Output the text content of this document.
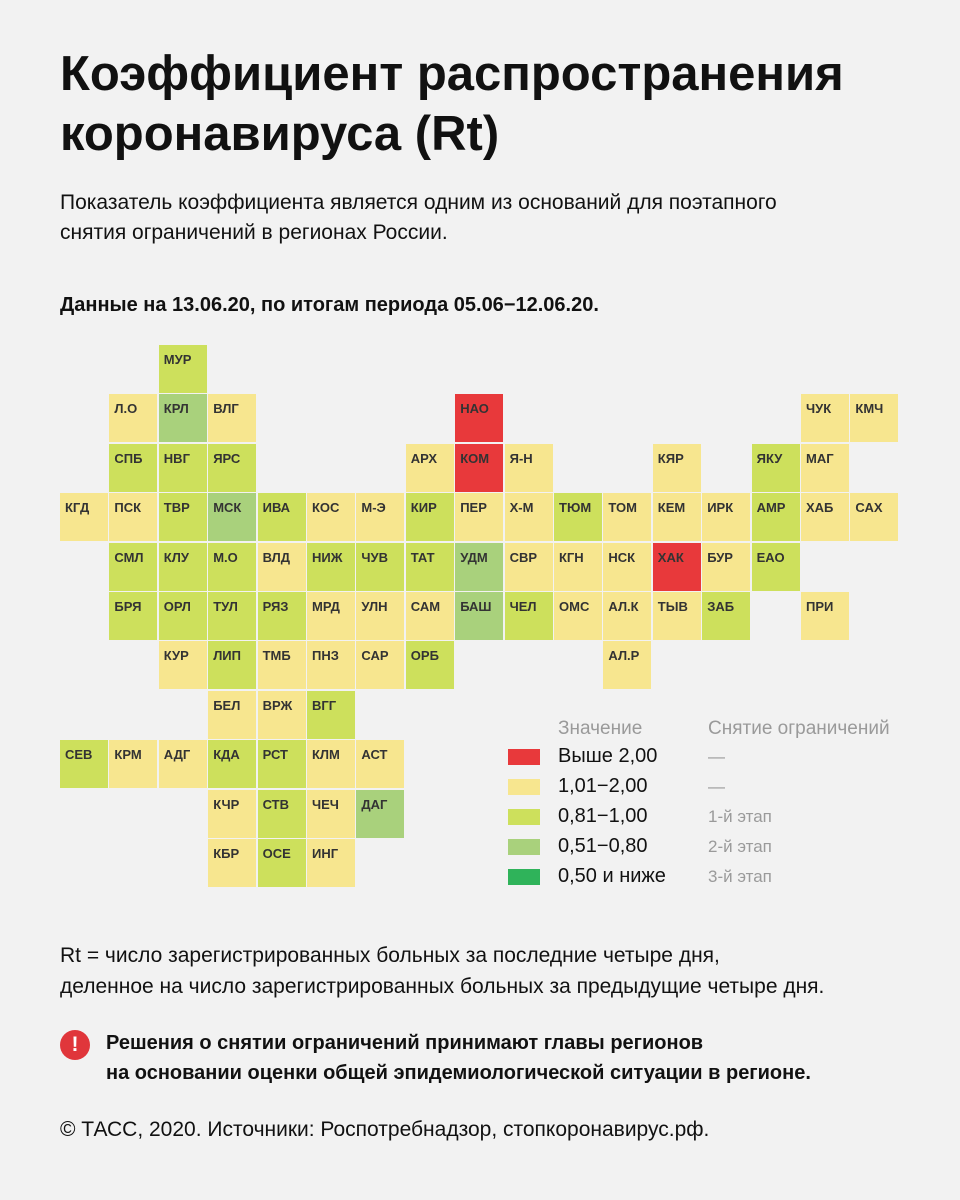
Коэффициент распространения
коронавируса (Rt)
Показатель коэффициента является одним из оснований для поэтапного
снятия ограничений в регионах России.
Данные на 13.06.20, по итогам периода 05.06−12.06.20.
МУР
Л.О	КРЛ	ВЛГ	НАО	ЧУК	КМЧ
СПБ	НВГ	ЯРС	АРХ	КОМ	Я-Н	КЯР	ЯКУ	МАГ
КГД	ПСК	ТВР	МСК	ИВА	КОС	М-Э	КИР	ПЕР	Х-М	ТЮМ	ТОМ	КЕМ	ИРК	АМР	ХАБ	САХ
СМЛ	КЛУ	М.О	ВЛД	НИЖ	ЧУВ	ТАТ	УДМ	СВР	КГН	НСК	ХАК	БУР	ЕАО
БРЯ	ОРЛ	ТУЛ	РЯЗ	МРД	УЛН	САМ	БАШ	ЧЕЛ	ОМС	АЛ.К	ТЫВ	ЗАБ	ПРИ
КУР	ЛИП	ТМБ	ПНЗ	САР	ОРБ	АЛ.Р
БЕЛ	ВРЖ	ВГГ
СЕВ	КРМ	АДГ	КДА	РСТ	КЛМ	АСТ
КЧР	СТВ	ЧЕЧ	ДАГ
КБР	ОСЕ	ИНГ
Значение	Снятие ограничений
Выше 2,00	—
1,01−2,00	—
0,81−1,00	1-й этап
0,51−0,80	2-й этап
0,50 и ниже 3-й этап
Rt = число зарегистрированных больных за последние четыре дня,
деленное на число зарегистрированных больных за предыдущие четыре дня.
!	Решения о снятии ограничений принимают главы регионов
на основании оценки общей эпидемиологической ситуации в регионе.
© ТАСС, 2020. Источники: Роспотребнадзор, стопкоронавирус.рф.
